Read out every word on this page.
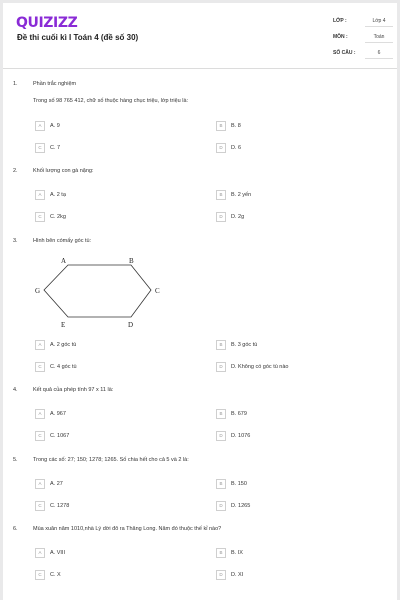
QUIZIZZ
Đề thi cuối kì I Toán 4 (đề số 30)
LỚP :	Lớp 4
MÔN :	Toán
SỐ CÂU :	6
1.	Phần trắc nghiệm
Trong số 98 765 412, chữ số thuộc hàng chục triệu, lớp triệu là:
A	A. 9	B	B. 8
C	C. 7	D	D. 6
2.	Khối lượng con gà nặng:
A	A. 2 tạ	B	B. 2 yến
C	C. 2kg	D	D. 2g
3.	Hình bên cómấy góc tù:
A	A. 2 góc tù	B	B. 3 góc tù
C	C. 4 góc tù	D	D. Không có góc tù nào
A	B
C
D
E
G
4.	Kết quả của phép tính 97 x 11 là:
A	A. 967	B	B. 679
C	C. 1067	D	D. 1076
5.	Trong các số: 27; 150; 1278; 1265. Số chia hết cho cả 5 và 2 là:
A	A. 27	B	B. 150
C	C. 1278	D	D. 1265
6.	Mùa xuân năm 1010,nhà Lý dời đô ra Thăng Long. Năm đó thuộc thế kỉ nào?
A	A. VIII	B	B. IX
C	C. X	D	D. XI
